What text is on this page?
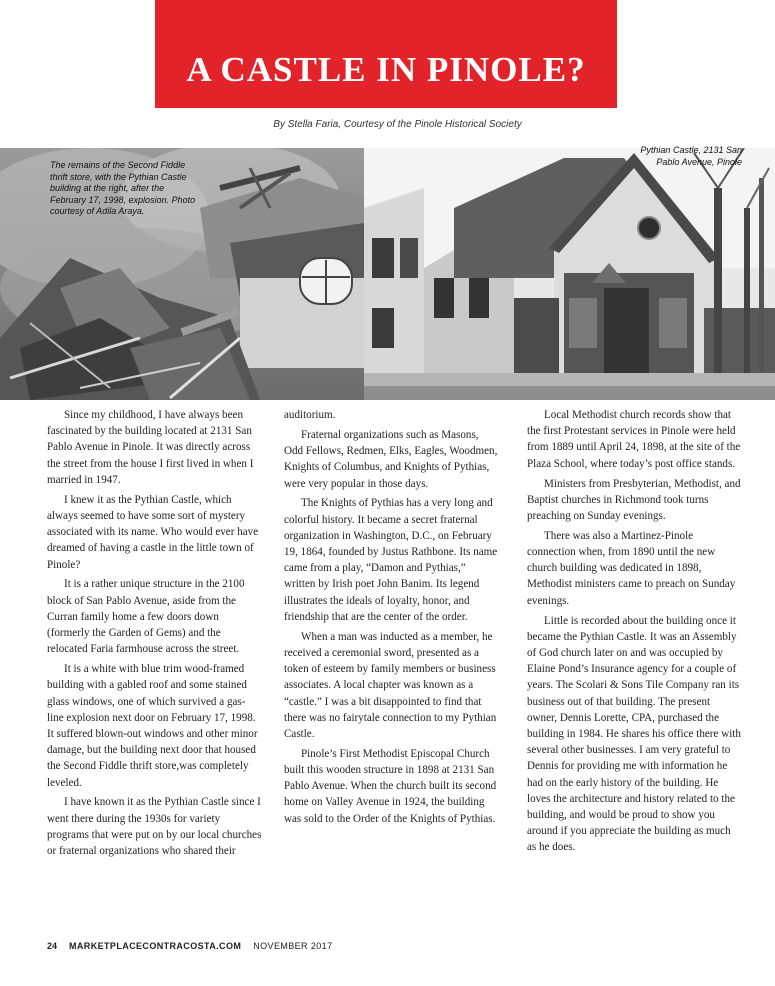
A CASTLE IN PINOLE?
By Stella Faria, Courtesy of the Pinole Historical Society
The remains of the Second Fiddle thrift store, with the Pythian Castle building at the right, after the February 17, 1998, explosion. Photo courtesy of Adila Araya.
Pythian Castle, 2131 San Pablo Avenue, Pinole

Since my childhood, I have always been fascinated by the building located at 2131 San Pablo Avenue in Pinole. It was directly across the street from the house I first lived in when I married in 1947.

I knew it as the Pythian Castle, which always seemed to have some sort of mystery associated with its name. Who would ever have dreamed of having a castle in the little town of Pinole?

It is a rather unique structure in the 2100 block of San Pablo Avenue, aside from the Curran family home a few doors down (formerly the Garden of Gems) and the relocated Faria farmhouse across the street.

It is a white with blue trim wood-framed building with a gabled roof and some stained glass windows, one of which survived a gas-line explosion next door on February 17, 1998. It suffered blown-out windows and other minor damage, but the building next door that housed the Second Fiddle thrift store,was completely leveled.

I have known it as the Pythian Castle since I went there during the 1930s for variety programs that were put on by our local churches or fraternal organizations who shared their

auditorium.

Fraternal organizations such as Masons, Odd Fellows, Redmen, Elks, Eagles, Woodmen, Knights of Columbus, and Knights of Pythias, were very popular in those days.

The Knights of Pythias has a very long and colorful history. It became a secret fraternal organization in Washington, D.C., on February 19, 1864, founded by Justus Rathbone. Its name came from a play, “Damon and Pythias,” written by Irish poet John Banim. Its legend illustrates the ideals of loyalty, honor, and friendship that are the center of the order.

When a man was inducted as a member, he received a ceremonial sword, presented as a token of esteem by family members or business associates. A local chapter was known as a “castle.” I was a bit disappointed to find that there was no fairytale connection to my Pythian Castle.

Pinole’s First Methodist Episcopal Church built this wooden structure in 1898 at 2131 San Pablo Avenue. When the church built its second home on Valley Avenue in 1924, the building was sold to the Order of the Knights of Pythias.

Local Methodist church records show that the first Protestant services in Pinole were held from 1889 until April 24, 1898, at the site of the Plaza School, where today’s post office stands.

Ministers from Presbyterian, Methodist, and Baptist churches in Richmond took turns preaching on Sunday evenings.

There was also a Martinez-Pinole connection when, from 1890 until the new church building was dedicated in 1898, Methodist ministers came to preach on Sunday evenings.

Little is recorded about the building once it became the Pythian Castle. It was an Assembly of God church later on and was occupied by Elaine Pond’s Insurance agency for a couple of years. The Scolari & Sons Tile Company ran its business out of that building. The present owner, Dennis Lorette, CPA, purchased the building in 1984. He shares his office there with several other businesses. I am very grateful to Dennis for providing me with information he had on the early history of the building. He loves the architecture and history related to the building, and would be proud to show you around if you appreciate the building as much as he does.

24 MARKETPLACECONTRACOSTA.COM NOVEMBER 2017
